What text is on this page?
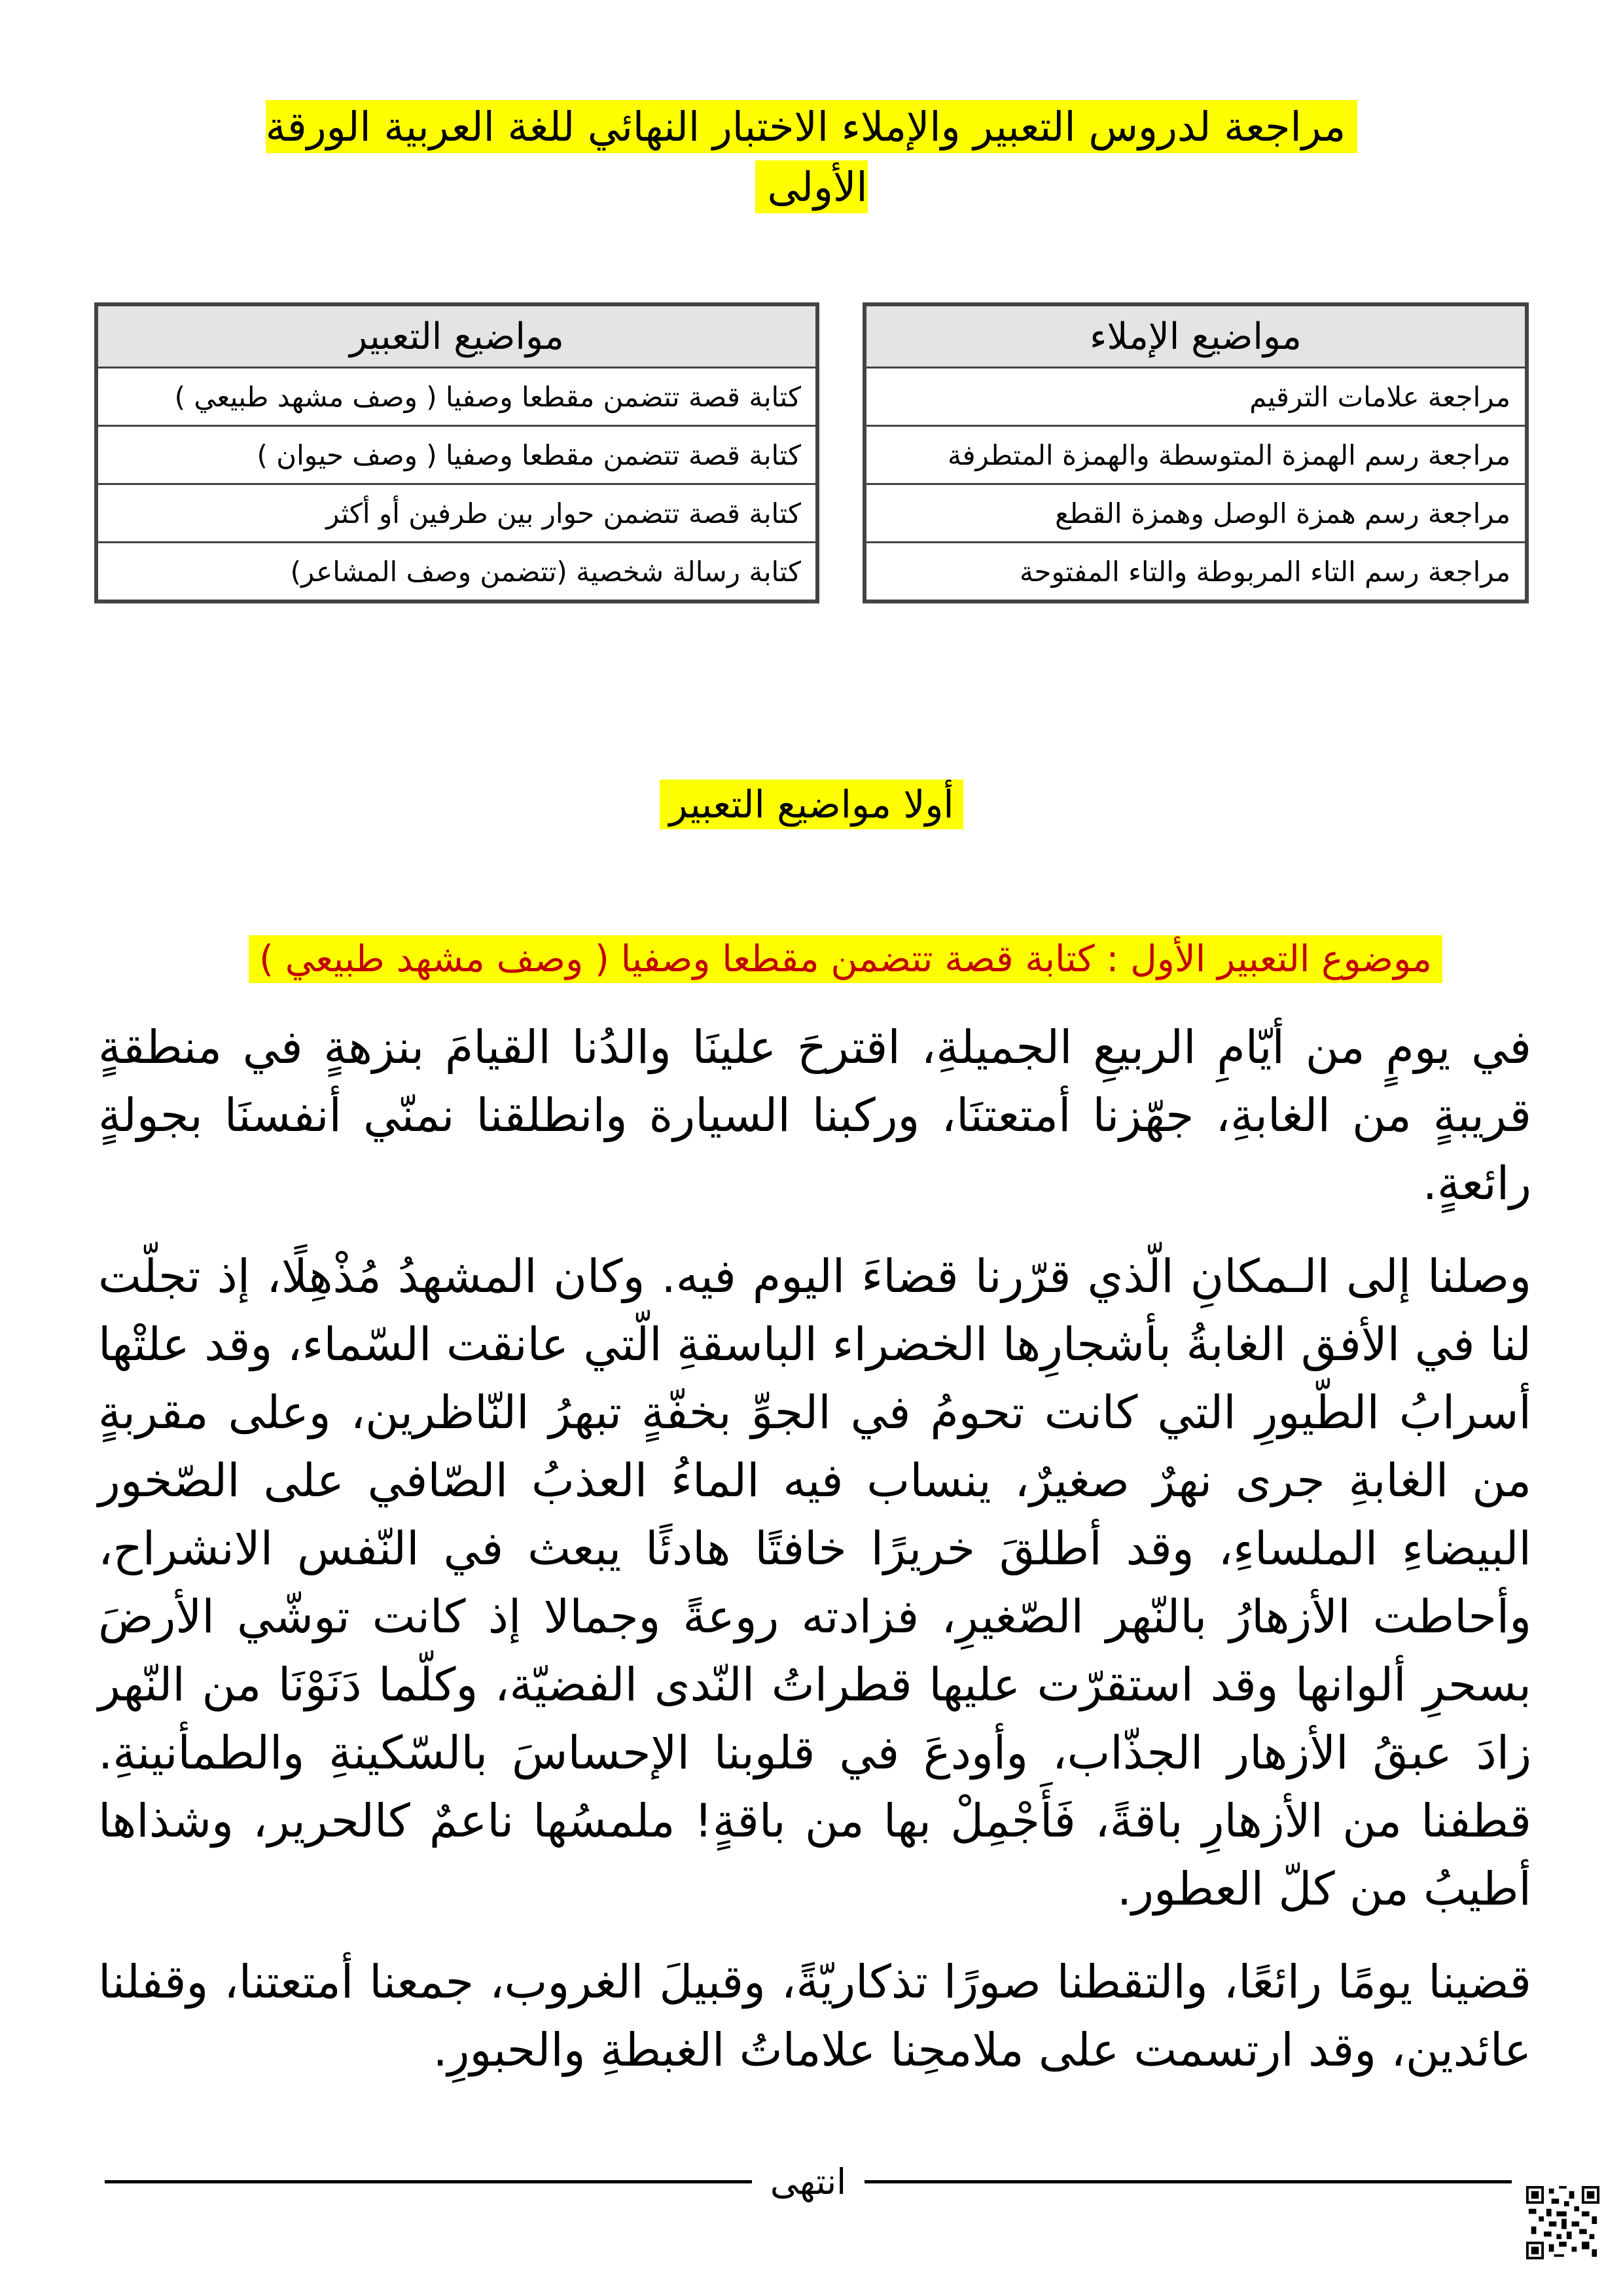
مراجعة لدروس التعبير والإملاء الاختبار النهائي للغة العربية الورقة الأولى
مواضيع الإملاء
مراجعة علامات الترقيم
مراجعة رسم الهمزة المتوسطة والهمزة المتطرفة
مراجعة رسم همزة الوصل وهمزة القطع
مراجعة رسم التاء المربوطة والتاء المفتوحة
مواضيع التعبير
كتابة قصة تتضمن مقطعا وصفيا ( وصف مشهد طبيعي )
كتابة قصة تتضمن مقطعا وصفيا ( وصف حيوان )
كتابة قصة تتضمن حوار بين طرفين أو أكثر
كتابة رسالة شخصية (تتضمن وصف المشاعر)
أولا مواضيع التعبير
موضوع التعبير الأول : كتابة قصة تتضمن مقطعا وصفيا ( وصف مشهد طبيعي )

في يومٍ من أيّامِ الربيعِ الجميلةِ، اقترحَ علينَا والدُنا القيامَ بنزهةٍ في منطقةٍ قريبةٍ من الغابةِ، جهّزنا أمتعتنَا، وركبنا السيارة وانطلقنا نمنّي أنفسنَا بجولةٍ رائعةٍ.

وصلنا إلى الـمكانِ الّذي قرّرنا قضاءَ اليوم فيه. وكان المشهدُ مُذْهِلًا، إذ تجلّت لنا في الأفق الغابةُ بأشجارِها الخضراء الباسقةِ الّتي عانقت السّماء، وقد علتْها أسرابُ الطّيورِ التي كانت تحومُ في الجوِّ بخفّةٍ تبهرُ النّاظرين، وعلى مقربةٍ من الغابةِ جرى نهرٌ صغيرٌ، ينساب فيه الماءُ العذبُ الصّافي على الصّخور البيضاءِ الملساءِ، وقد أطلقَ خريرًا خافتًا هادئًا يبعث في النّفس الانشراح، وأحاطت الأزهارُ بالنّهر الصّغيرِ، فزادته روعةً وجمالا إذ كانت توشّي الأرضَ بسحرِ ألوانها وقد استقرّت عليها قطراتُ النّدى الفضيّة، وكلّما دَنَوْنَا من النّهر زادَ عبقُ الأزهار الجذّاب، وأودعَ في قلوبنا الإحساسَ بالسّكينةِ والطمأنينةِ. قطفنا من الأزهارِ باقةً، فَأَجْمِلْ بها من باقةٍ! ملمسُها ناعمٌ كالحرير، وشذاها أطيبُ من كلّ العطور.

قضينا يومًا رائعًا، والتقطنا صورًا تذكاريّةً، وقبيلَ الغروب، جمعنا أمتعتنا، وقفلنا عائدين، وقد ارتسمت على ملامحِنا علاماتُ الغبطةِ والحبورِ.

انتهى
